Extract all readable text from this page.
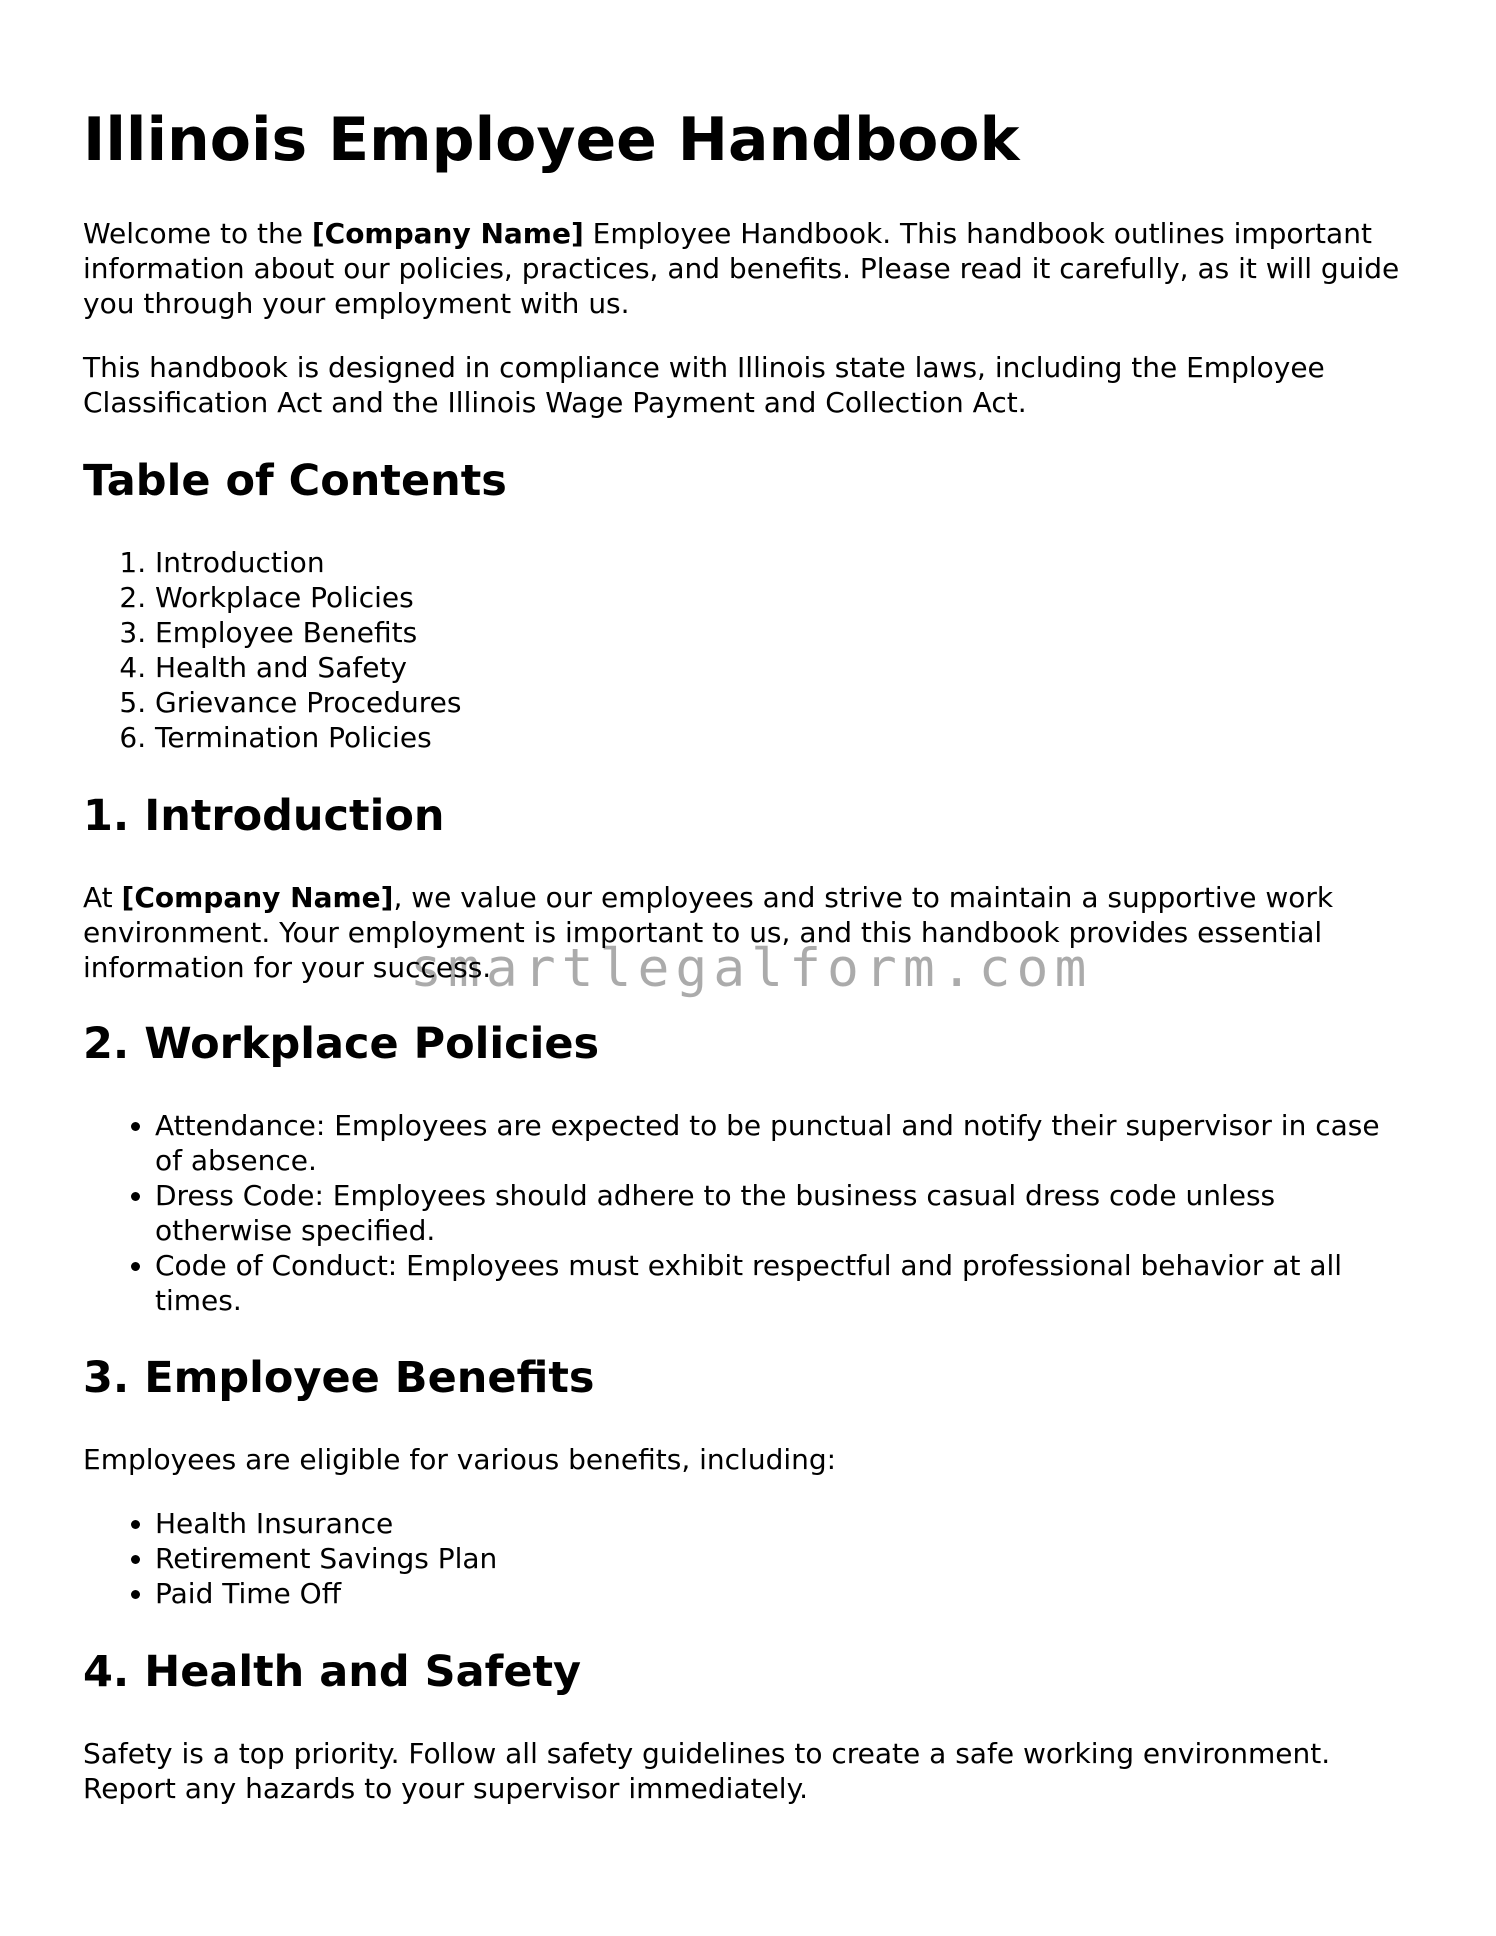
Illinois Employee Handbook

Welcome to the [Company Name] Employee Handbook. This handbook outlines important information about our policies, practices, and benefits. Please read it carefully, as it will guide you through your employment with us.

This handbook is designed in compliance with Illinois state laws, including the Employee Classification Act and the Illinois Wage Payment and Collection Act.

Table of Contents
1. Introduction
2. Workplace Policies
3. Employee Benefits
4. Health and Safety
5. Grievance Procedures
6. Termination Policies
1. Introduction

At [Company Name], we value our employees and strive to maintain a supportive work environment. Your employment is important to us, and this handbook provides essential information for your success.

2. Workplace Policies
• Attendance: Employees are expected to be punctual and notify their supervisor in case of absence.
• Dress Code: Employees should adhere to the business casual dress code unless otherwise specified.
• Code of Conduct: Employees must exhibit respectful and professional behavior at all times.
3. Employee Benefits

Employees are eligible for various benefits, including:

• Health Insurance
• Retirement Savings Plan
• Paid Time Off
4. Health and Safety

Safety is a top priority. Follow all safety guidelines to create a safe working environment. Report any hazards to your supervisor immediately.

smartlegalform.com
